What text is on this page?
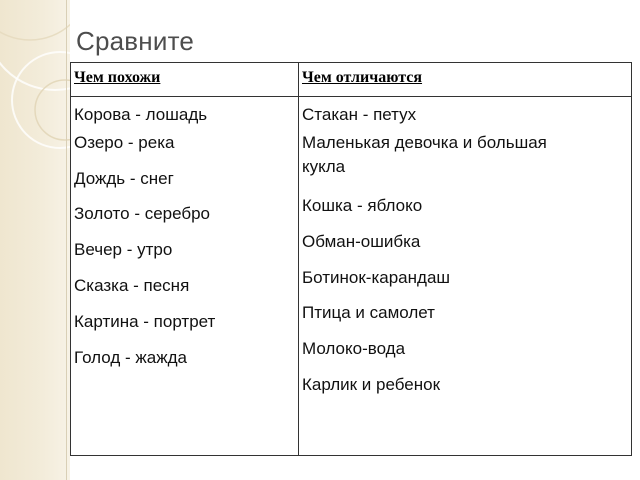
Сравните
Чем похожи	Чем отличаются
Корова - лошадь
Озеро - река
Дождь - снег
Золото - серебро
Вечер - утро
Сказка - песня
Картина - портрет
Голод - жажда
Стакан - петух
Маленькая девочка и большая
кукла
Кошка - яблоко
Обман-ошибка
Ботинок-карандаш
Птица и самолет
Молоко-вода
Карлик и ребенок
